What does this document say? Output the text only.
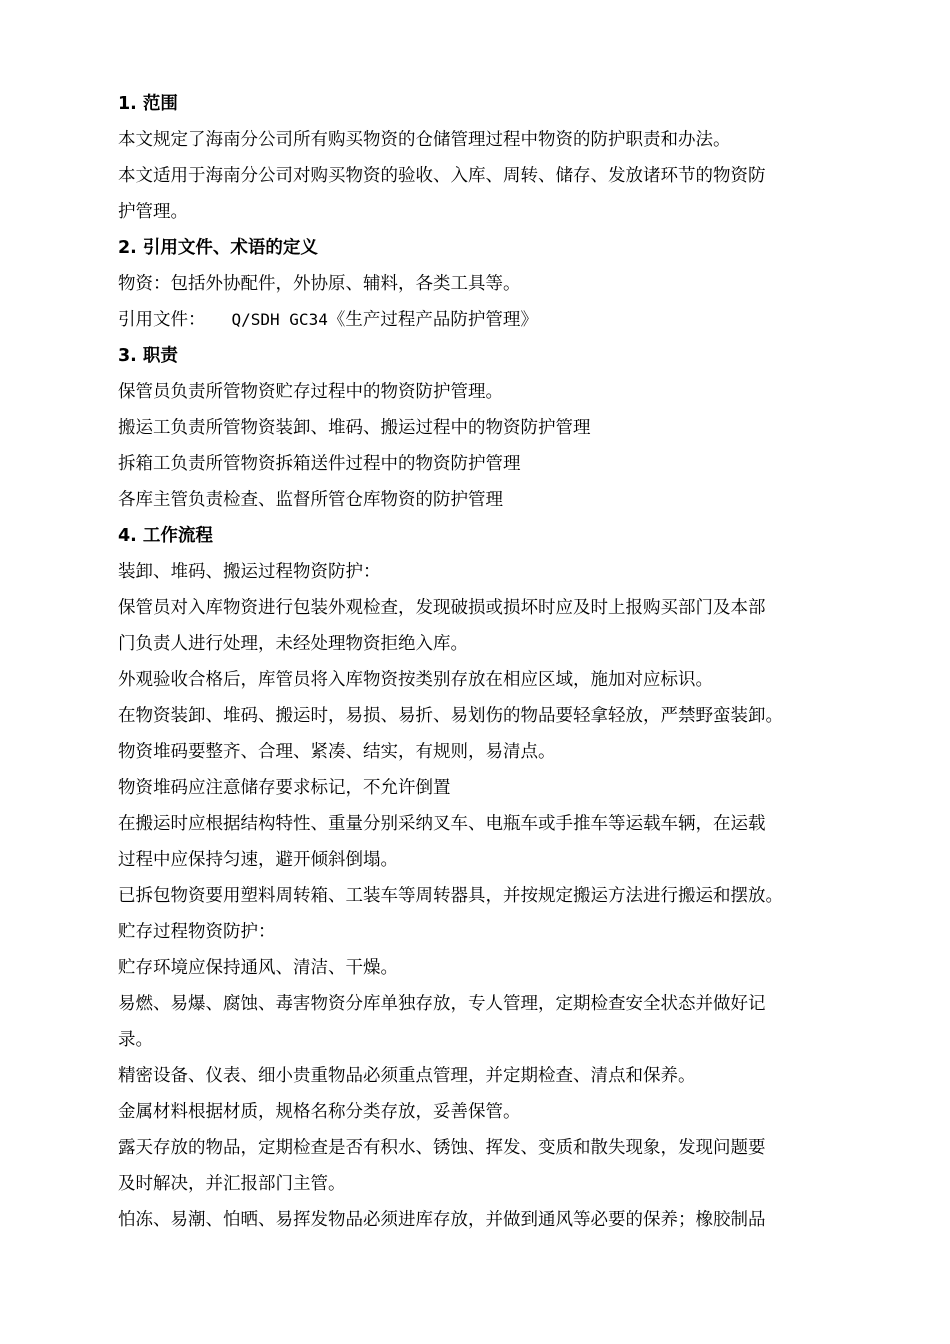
1. 范围
本文规定了海南分公司所有购买物资的仓储管理过程中物资的防护职责和办法。
本文适用于海南分公司对购买物资的验收、入库、周转、储存、发放诸环节的物资防
护管理。
2. 引用文件、术语的定义
物资：包括外协配件，外协原、辅料，各类工具等。
引用文件： Q/SDH GC34《生产过程产品防护管理》
3. 职责
保管员负责所管物资贮存过程中的物资防护管理。
搬运工负责所管物资装卸、堆码、搬运过程中的物资防护管理
拆箱工负责所管物资拆箱送件过程中的物资防护管理
各库主管负责检查、监督所管仓库物资的防护管理
4. 工作流程
装卸、堆码、搬运过程物资防护：
保管员对入库物资进行包装外观检查，发现破损或损坏时应及时上报购买部门及本部
门负责人进行处理，未经处理物资拒绝入库。
外观验收合格后，库管员将入库物资按类别存放在相应区域，施加对应标识。
在物资装卸、堆码、搬运时，易损、易折、易划伤的物品要轻拿轻放，严禁野蛮装卸。
物资堆码要整齐、合理、紧凑、结实，有规则，易清点。
物资堆码应注意储存要求标记，不允许倒置
在搬运时应根据结构特性、重量分别采纳叉车、电瓶车或手推车等运载车辆，在运载
过程中应保持匀速，避开倾斜倒塌。
已拆包物资要用塑料周转箱、工装车等周转器具，并按规定搬运方法进行搬运和摆放。
贮存过程物资防护：
贮存环境应保持通风、清洁、干燥。
易燃、易爆、腐蚀、毒害物资分库单独存放，专人管理，定期检查安全状态并做好记
录。
精密设备、仪表、细小贵重物品必须重点管理，并定期检查、清点和保养。
金属材料根据材质，规格名称分类存放，妥善保管。
露天存放的物品，定期检查是否有积水、锈蚀、挥发、变质和散失现象，发现问题要
及时解决，并汇报部门主管。
怕冻、易潮、怕晒、易挥发物品必须进库存放，并做到通风等必要的保养；橡胶制品
